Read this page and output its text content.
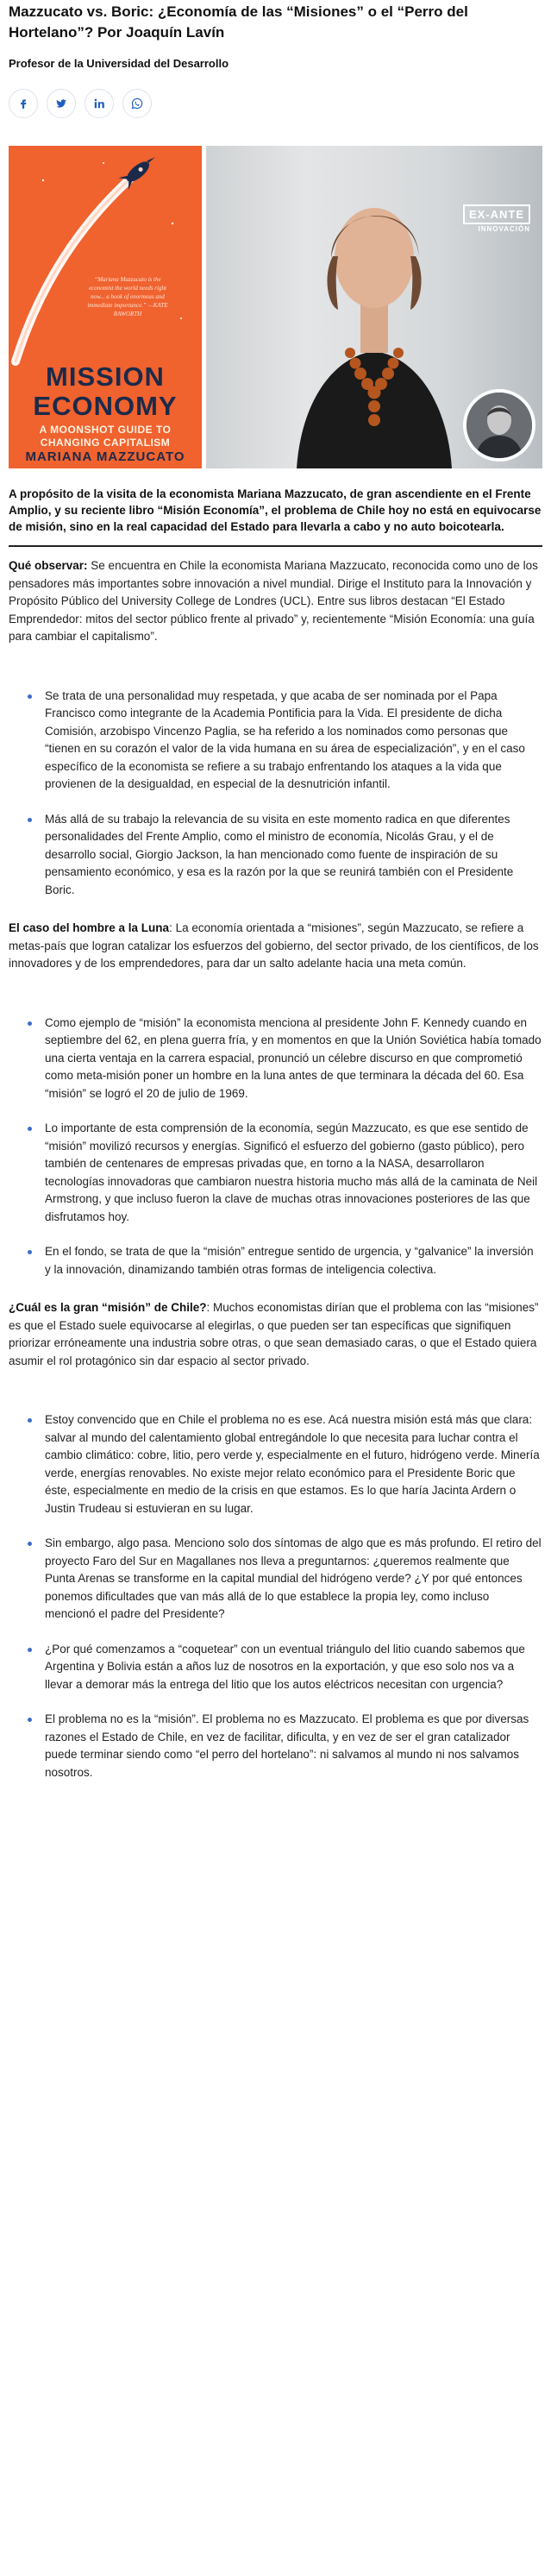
Mazzucato vs. Boric: ¿Economía de las “Misiones” o el “Perro del Hortelano”? Por Joaquín Lavín
Profesor de la Universidad del Desarrollo
“Mariana Mazzucato is the economist the world needs right now... a book of enormous and immediate importance.” —KATE RAWORTH
MISSION
ECONOMY
A MOONSHOT GUIDE TO CHANGING CAPITALISM
MARIANA MAZZUCATO
EX-ANTE
INNOVACIÓN

A propósito de la visita de la economista Mariana Mazzucato, de gran ascendiente en el Frente Amplio, y su reciente libro “Misión Economía”, el problema de Chile hoy no está en equivocarse de misión, sino en la real capacidad del Estado para llevarla a cabo y no auto boicotearla.

Qué observar: Se encuentra en Chile la economista Mariana Mazzucato, reconocida como uno de los pensadores más importantes sobre innovación a nivel mundial. Dirige el Instituto para la Innovación y Propósito Público del University College de Londres (UCL). Entre sus libros destacan “El Estado Emprendedor: mitos del sector público frente al privado” y, recientemente “Misión Economía: una guía para cambiar el capitalismo”.

Se trata de una personalidad muy respetada, y que acaba de ser nominada por el Papa Francisco como integrante de la Academia Pontificia para la Vida. El presidente de dicha Comisión, arzobispo Vincenzo Paglia, se ha referido a los nominados como personas que “tienen en su corazón el valor de la vida humana en su área de especialización”, y en el caso específico de la economista se refiere a su trabajo enfrentando los ataques a la vida que provienen de la desigualdad, en especial de la desnutrición infantil.
Más allá de su trabajo la relevancia de su visita en este momento radica en que diferentes personalidades del Frente Amplio, como el ministro de economía, Nicolás Grau, y el de desarrollo social, Giorgio Jackson, la han mencionado como fuente de inspiración de su pensamiento económico, y esa es la razón por la que se reunirá también con el Presidente Boric.

El caso del hombre a la Luna: La economía orientada a “misiones”, según Mazzucato, se refiere a metas-país que logran catalizar los esfuerzos del gobierno, del sector privado, de los científicos, de los innovadores y de los emprendedores, para dar un salto adelante hacia una meta común.

Como ejemplo de “misión” la economista menciona al presidente John F. Kennedy cuando en septiembre del 62, en plena guerra fría, y en momentos en que la Unión Soviética había tomado una cierta ventaja en la carrera espacial, pronunció un célebre discurso en que comprometió como meta-misión poner un hombre en la luna antes de que terminara la década del 60. Esa “misión” se logró el 20 de julio de 1969.
Lo importante de esta comprensión de la economía, según Mazzucato, es que ese sentido de “misión” movilizó recursos y energías. Significó el esfuerzo del gobierno (gasto público), pero también de centenares de empresas privadas que, en torno a la NASA, desarrollaron tecnologías innovadoras que cambiaron nuestra historia mucho más allá de la caminata de Neil Armstrong, y que incluso fueron la clave de muchas otras innovaciones posteriores de las que disfrutamos hoy.
En el fondo, se trata de que la “misión” entregue sentido de urgencia, y “galvanice” la inversión y la innovación, dinamizando también otras formas de inteligencia colectiva.

¿Cuál es la gran “misión” de Chile?: Muchos economistas dirían que el problema con las “misiones” es que el Estado suele equivocarse al elegirlas, o que pueden ser tan específicas que signifiquen priorizar erróneamente una industria sobre otras, o que sean demasiado caras, o que el Estado quiera asumir el rol protagónico sin dar espacio al sector privado.

Estoy convencido que en Chile el problema no es ese. Acá nuestra misión está más que clara: salvar al mundo del calentamiento global entregándole lo que necesita para luchar contra el cambio climático: cobre, litio, pero verde y, especialmente en el futuro, hidrógeno verde. Minería verde, energías renovables. No existe mejor relato económico para el Presidente Boric que éste, especialmente en medio de la crisis en que estamos. Es lo que haría Jacinta Ardern o Justin Trudeau si estuvieran en su lugar.
Sin embargo, algo pasa. Menciono solo dos síntomas de algo que es más profundo. El retiro del proyecto Faro del Sur en Magallanes nos lleva a preguntarnos: ¿queremos realmente que Punta Arenas se transforme en la capital mundial del hidrógeno verde? ¿Y por qué entonces ponemos dificultades que van más allá de lo que establece la propia ley, como incluso mencionó el padre del Presidente?
¿Por qué comenzamos a “coquetear” con un eventual triángulo del litio cuando sabemos que Argentina y Bolivia están a años luz de nosotros en la exportación, y que eso solo nos va a llevar a demorar más la entrega del litio que los autos eléctricos necesitan con urgencia?
El problema no es la “misión”. El problema no es Mazzucato. El problema es que por diversas razones el Estado de Chile, en vez de facilitar, dificulta, y en vez de ser el gran catalizador puede terminar siendo como “el perro del hortelano”: ni salvamos al mundo ni nos salvamos nosotros.
